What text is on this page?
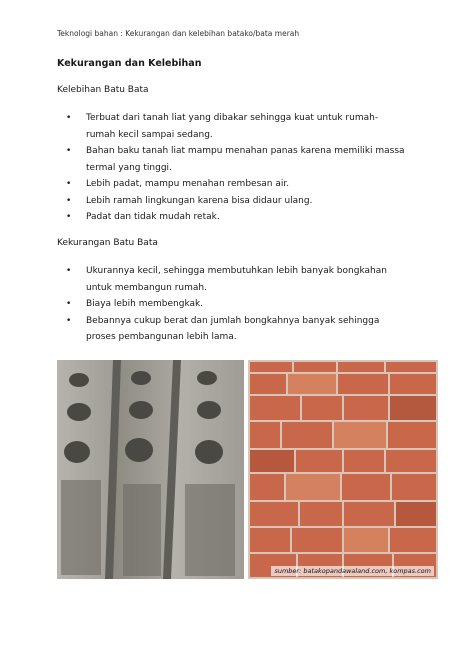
Teknologi bahan : Kekurangan dan kelebihan batako/bata merah
Kekurangan dan Kelebihan
Kelebihan Batu Bata
• Terbuat dari tanah liat yang dibakar sehingga kuat untuk rumah-rumah kecil sampai sedang.
• Bahan baku tanah liat mampu menahan panas karena memiliki massa termal yang tinggi.
• Lebih padat, mampu menahan rembesan air.
• Lebih ramah lingkungan karena bisa didaur ulang.
• Padat dan tidak mudah retak.
Kekurangan Batu Bata
• Ukurannya kecil, sehingga membutuhkan lebih banyak bongkahan untuk membangun rumah.
• Biaya lebih membengkak.
• Bebannya cukup berat dan jumlah bongkahnya banyak sehingga proses pembangunan lebih lama.
sumber: batakopandawaland.com, kompas.com
